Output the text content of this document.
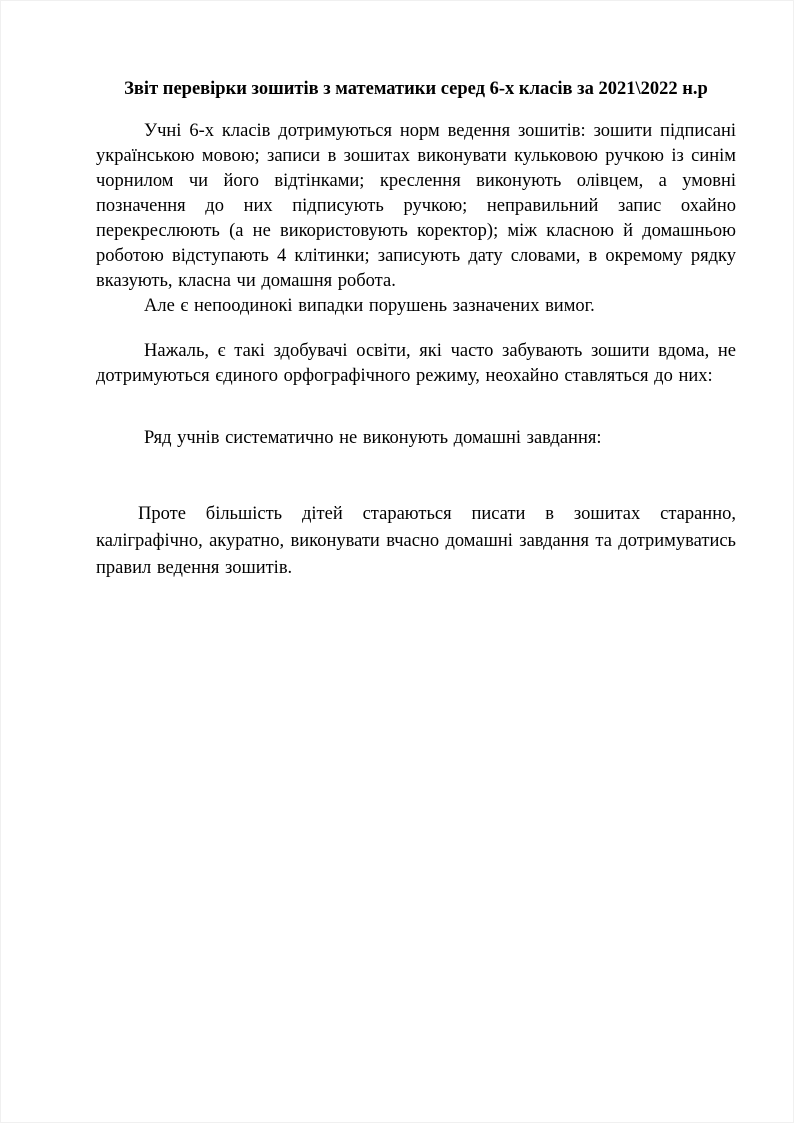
Звіт перевірки зошитів з математики серед 6-х класів за 2021\2022 н.р

Учні 6-х класів дотримуються норм ведення зошитів: зошити підписані українською мовою; записи в зошитах виконувати кульковою ручкою із синім чорнилом чи його відтінками; креслення виконують олівцем, а умовні позначення до них підписують ручкою; неправильний запис охайно перекреслюють (а не використовують коректор); між класною й домашньою роботою відступають 4 клітинки; записують дату словами, в окремому рядку вказують, класна чи домашня робота.

Але є непоодинокі випадки порушень зазначених вимог.

Нажаль, є такі здобувачі освіти, які часто забувають зошити вдома, не дотримуються єдиного орфографічного режиму, неохайно ставляться до них:

Ряд учнів систематично не виконують домашні завдання:

Проте більшість дітей стараються писати в зошитах старанно, каліграфічно, акуратно, виконувати вчасно домашні завдання та дотримуватись правил ведення зошитів.
